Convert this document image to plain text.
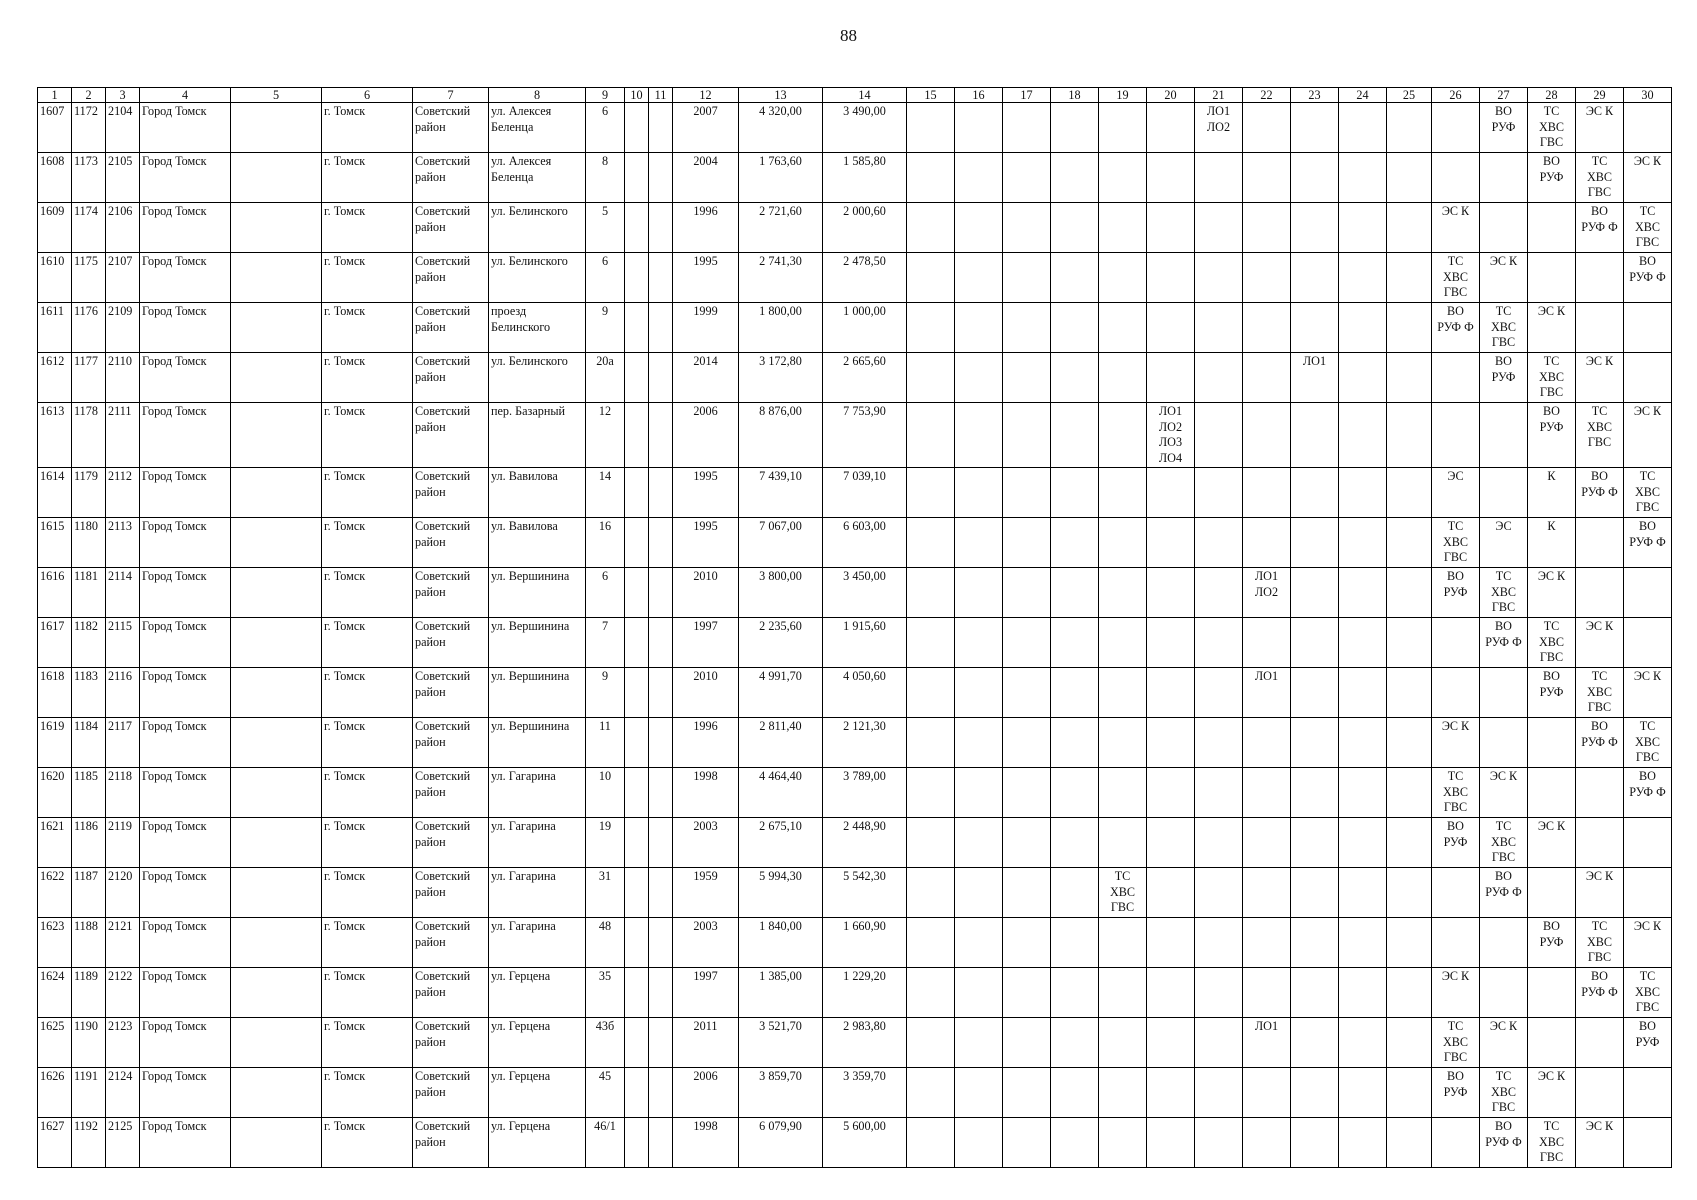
88
1	2	3	4	5	6	7	8	9	10	11	12	13	14	15	16	17	18	19	20	21	22	23	24	25	26	27	28	29	30
1607	1172	2104	Город Томск		г. Томск	Советский
район	ул. Алексея
Беленца	6			2007	4 320,00	3 490,00							ЛО1
ЛО2						ВО
РУФ	ТС
ХВС
ГВС	ЭС К	
1608	1173	2105	Город Томск		г. Томск	Советский
район	ул. Алексея
Беленца	8			2004	1 763,60	1 585,80														ВО
РУФ	ТС
ХВС
ГВС	ЭС К
1609	1174	2106	Город Томск		г. Томск	Советский
район	ул. Белинского	5			1996	2 721,60	2 000,60												ЭС К			ВО
РУФ Ф	ТС
ХВС
ГВС
1610	1175	2107	Город Томск		г. Томск	Советский
район	ул. Белинского	6			1995	2 741,30	2 478,50												ТС
ХВС
ГВС	ЭС К			ВО
РУФ Ф
1611	1176	2109	Город Томск		г. Томск	Советский
район	проезд
Белинского	9			1999	1 800,00	1 000,00												ВО
РУФ Ф	ТС
ХВС
ГВС	ЭС К		
1612	1177	2110	Город Томск		г. Томск	Советский
район	ул. Белинского	20а			2014	3 172,80	2 665,60									ЛО1				ВО
РУФ	ТС
ХВС
ГВС	ЭС К	
1613	1178	2111	Город Томск		г. Томск	Советский
район	пер. Базарный	12			2006	8 876,00	7 753,90						ЛО1
ЛО2
ЛО3
ЛО4								ВО
РУФ	ТС
ХВС
ГВС	ЭС К
1614	1179	2112	Город Томск		г. Томск	Советский
район	ул. Вавилова	14			1995	7 439,10	7 039,10												ЭС		К	ВО
РУФ Ф	ТС
ХВС
ГВС
1615	1180	2113	Город Томск		г. Томск	Советский
район	ул. Вавилова	16			1995	7 067,00	6 603,00												ТС
ХВС
ГВС	ЭС	К		ВО
РУФ Ф
1616	1181	2114	Город Томск		г. Томск	Советский
район	ул. Вершинина	6			2010	3 800,00	3 450,00								ЛО1
ЛО2				ВО
РУФ	ТС
ХВС
ГВС	ЭС К		
1617	1182	2115	Город Томск		г. Томск	Советский
район	ул. Вершинина	7			1997	2 235,60	1 915,60													ВО
РУФ Ф	ТС
ХВС
ГВС	ЭС К	
1618	1183	2116	Город Томск		г. Томск	Советский
район	ул. Вершинина	9			2010	4 991,70	4 050,60								ЛО1						ВО
РУФ	ТС
ХВС
ГВС	ЭС К
1619	1184	2117	Город Томск		г. Томск	Советский
район	ул. Вершинина	11			1996	2 811,40	2 121,30												ЭС К			ВО
РУФ Ф	ТС
ХВС
ГВС
1620	1185	2118	Город Томск		г. Томск	Советский
район	ул. Гагарина	10			1998	4 464,40	3 789,00												ТС
ХВС
ГВС	ЭС К			ВО
РУФ Ф
1621	1186	2119	Город Томск		г. Томск	Советский
район	ул. Гагарина	19			2003	2 675,10	2 448,90												ВО
РУФ	ТС
ХВС
ГВС	ЭС К		
1622	1187	2120	Город Томск		г. Томск	Советский
район	ул. Гагарина	31			1959	5 994,30	5 542,30					ТС
ХВС
ГВС								ВО
РУФ Ф		ЭС К	
1623	1188	2121	Город Томск		г. Томск	Советский
район	ул. Гагарина	48			2003	1 840,00	1 660,90														ВО
РУФ	ТС
ХВС
ГВС	ЭС К
1624	1189	2122	Город Томск		г. Томск	Советский
район	ул. Герцена	35			1997	1 385,00	1 229,20												ЭС К			ВО
РУФ Ф	ТС
ХВС
ГВС
1625	1190	2123	Город Томск		г. Томск	Советский
район	ул. Герцена	43б			2011	3 521,70	2 983,80								ЛО1				ТС
ХВС
ГВС	ЭС К			ВО
РУФ
1626	1191	2124	Город Томск		г. Томск	Советский
район	ул. Герцена	45			2006	3 859,70	3 359,70												ВО
РУФ	ТС
ХВС
ГВС	ЭС К		
1627	1192	2125	Город Томск		г. Томск	Советский
район	ул. Герцена	46/1			1998	6 079,90	5 600,00													ВО
РУФ Ф	ТС
ХВС
ГВС	ЭС К	
